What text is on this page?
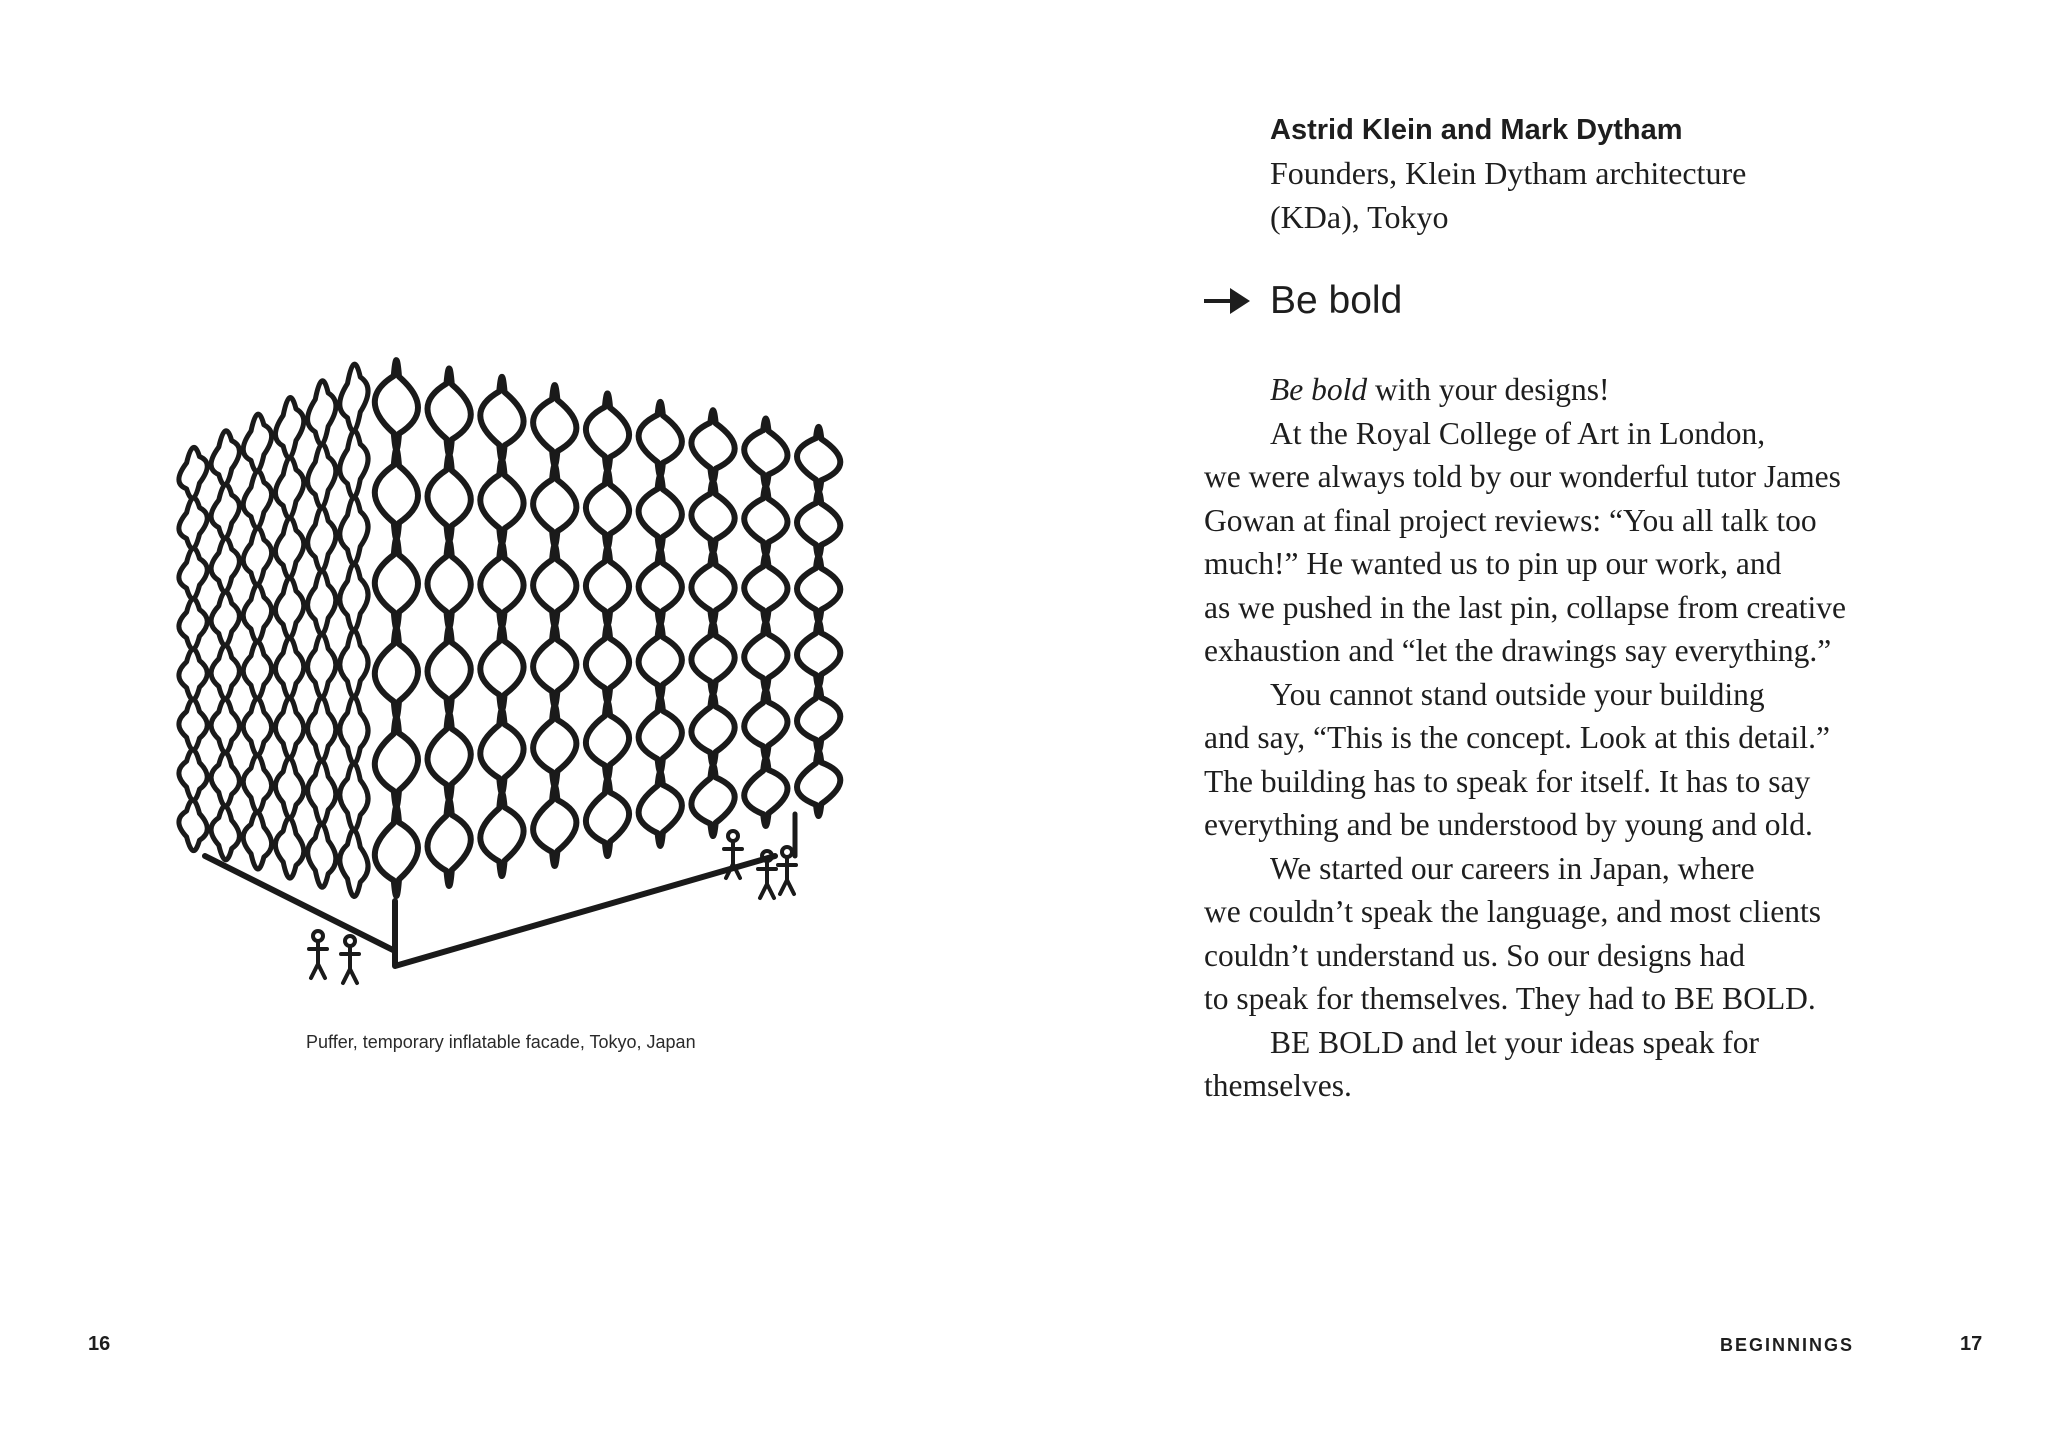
Puffer, temporary inflatable facade, Tokyo, Japan
16
Astrid Klein and Mark Dytham
Founders, Klein Dytham architecture
(KDa), Tokyo
Be bold
Be bold with your designs!
At the Royal College of Art in London,
we were always told by our wonderful tutor James
Gowan at final project reviews: “You all talk too
much!” He wanted us to pin up our work, and
as we pushed in the last pin, collapse from creative
exhaustion and “let the drawings say everything.”
You cannot stand outside your building
and say, “This is the concept. Look at this detail.”
The building has to speak for itself. It has to say
everything and be understood by young and old.
We started our careers in Japan, where
we couldn’t speak the language, and most clients
couldn’t understand us. So our designs had
to speak for themselves. They had to BE BOLD.
BE BOLD and let your ideas speak for
themselves.
BEGINNINGS	17
